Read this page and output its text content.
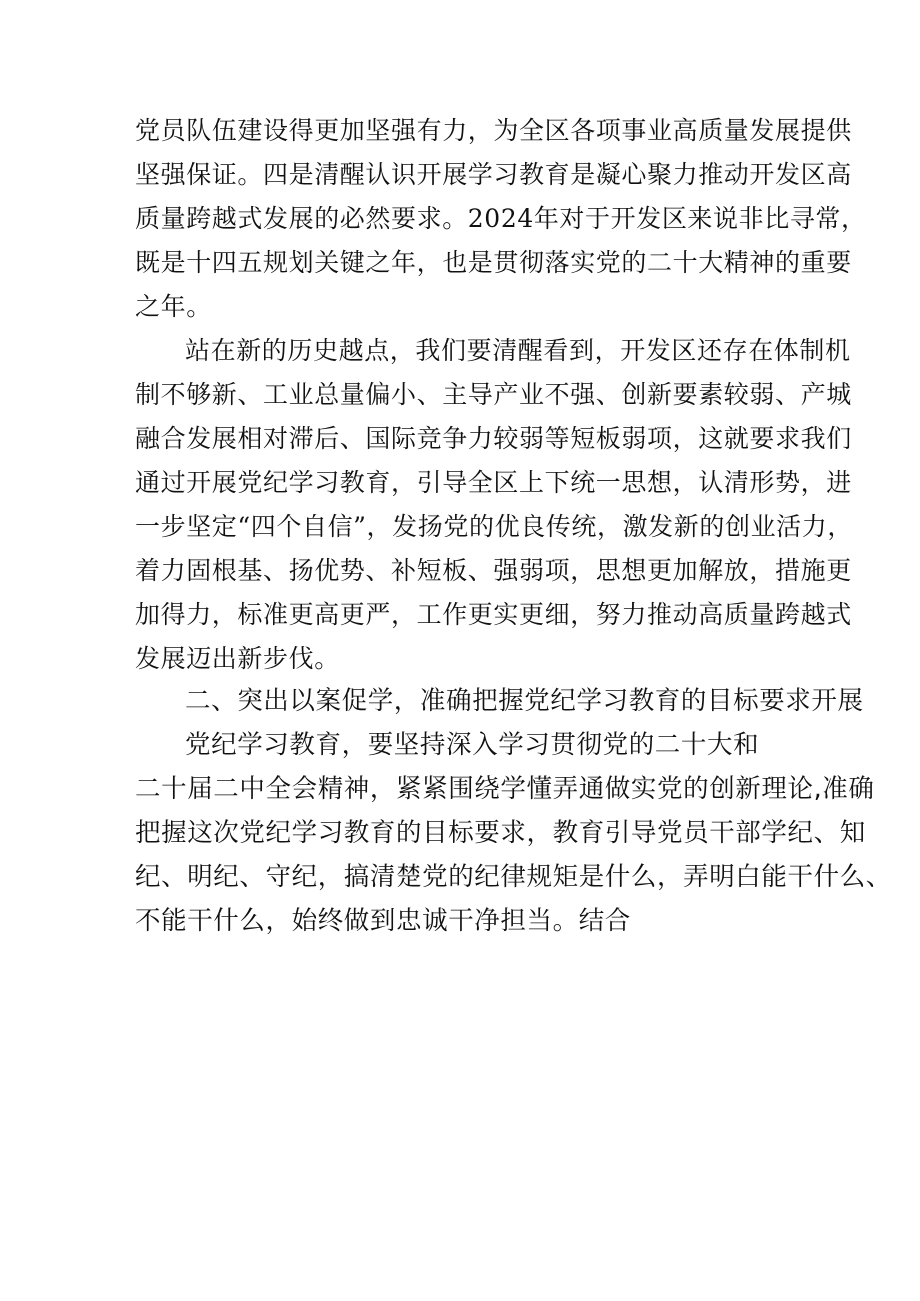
党员队伍建设得更加坚强有力，为全区各项事业高质量发展提供
坚强保证。四是清醒认识开展学习教育是凝心聚力推动开发区高
质量跨越式发展的必然要求。2024年对于开发区来说非比寻常，
既是十四五规划关键之年，也是贯彻落实党的二十大精神的重要
之年。
站在新的历史越点，我们要清醒看到，开发区还存在体制机
制不够新、工业总量偏小、主导产业不强、创新要素较弱、产城
融合发展相对滞后、国际竞争力较弱等短板弱项，这就要求我们
通过开展党纪学习教育，引导全区上下统一思想，认清形势，进
一步坚定“四个自信”，发扬党的优良传统，激发新的创业活力，
着力固根基、扬优势、补短板、强弱项，思想更加解放，措施更
加得力，标准更高更严，工作更实更细，努力推动高质量跨越式
发展迈出新步伐。
二、突出以案促学，准确把握党纪学习教育的目标要求开展
党纪学习教育，要坚持深入学习贯彻党的二十大和
二十届二中全会精神，紧紧围绕学懂弄通做实党的创新理论,准确
把握这次党纪学习教育的目标要求，教育引导党员干部学纪、知
纪、明纪、守纪，搞清楚党的纪律规矩是什么，弄明白能干什么、
不能干什么，始终做到忠诚干净担当。结合
